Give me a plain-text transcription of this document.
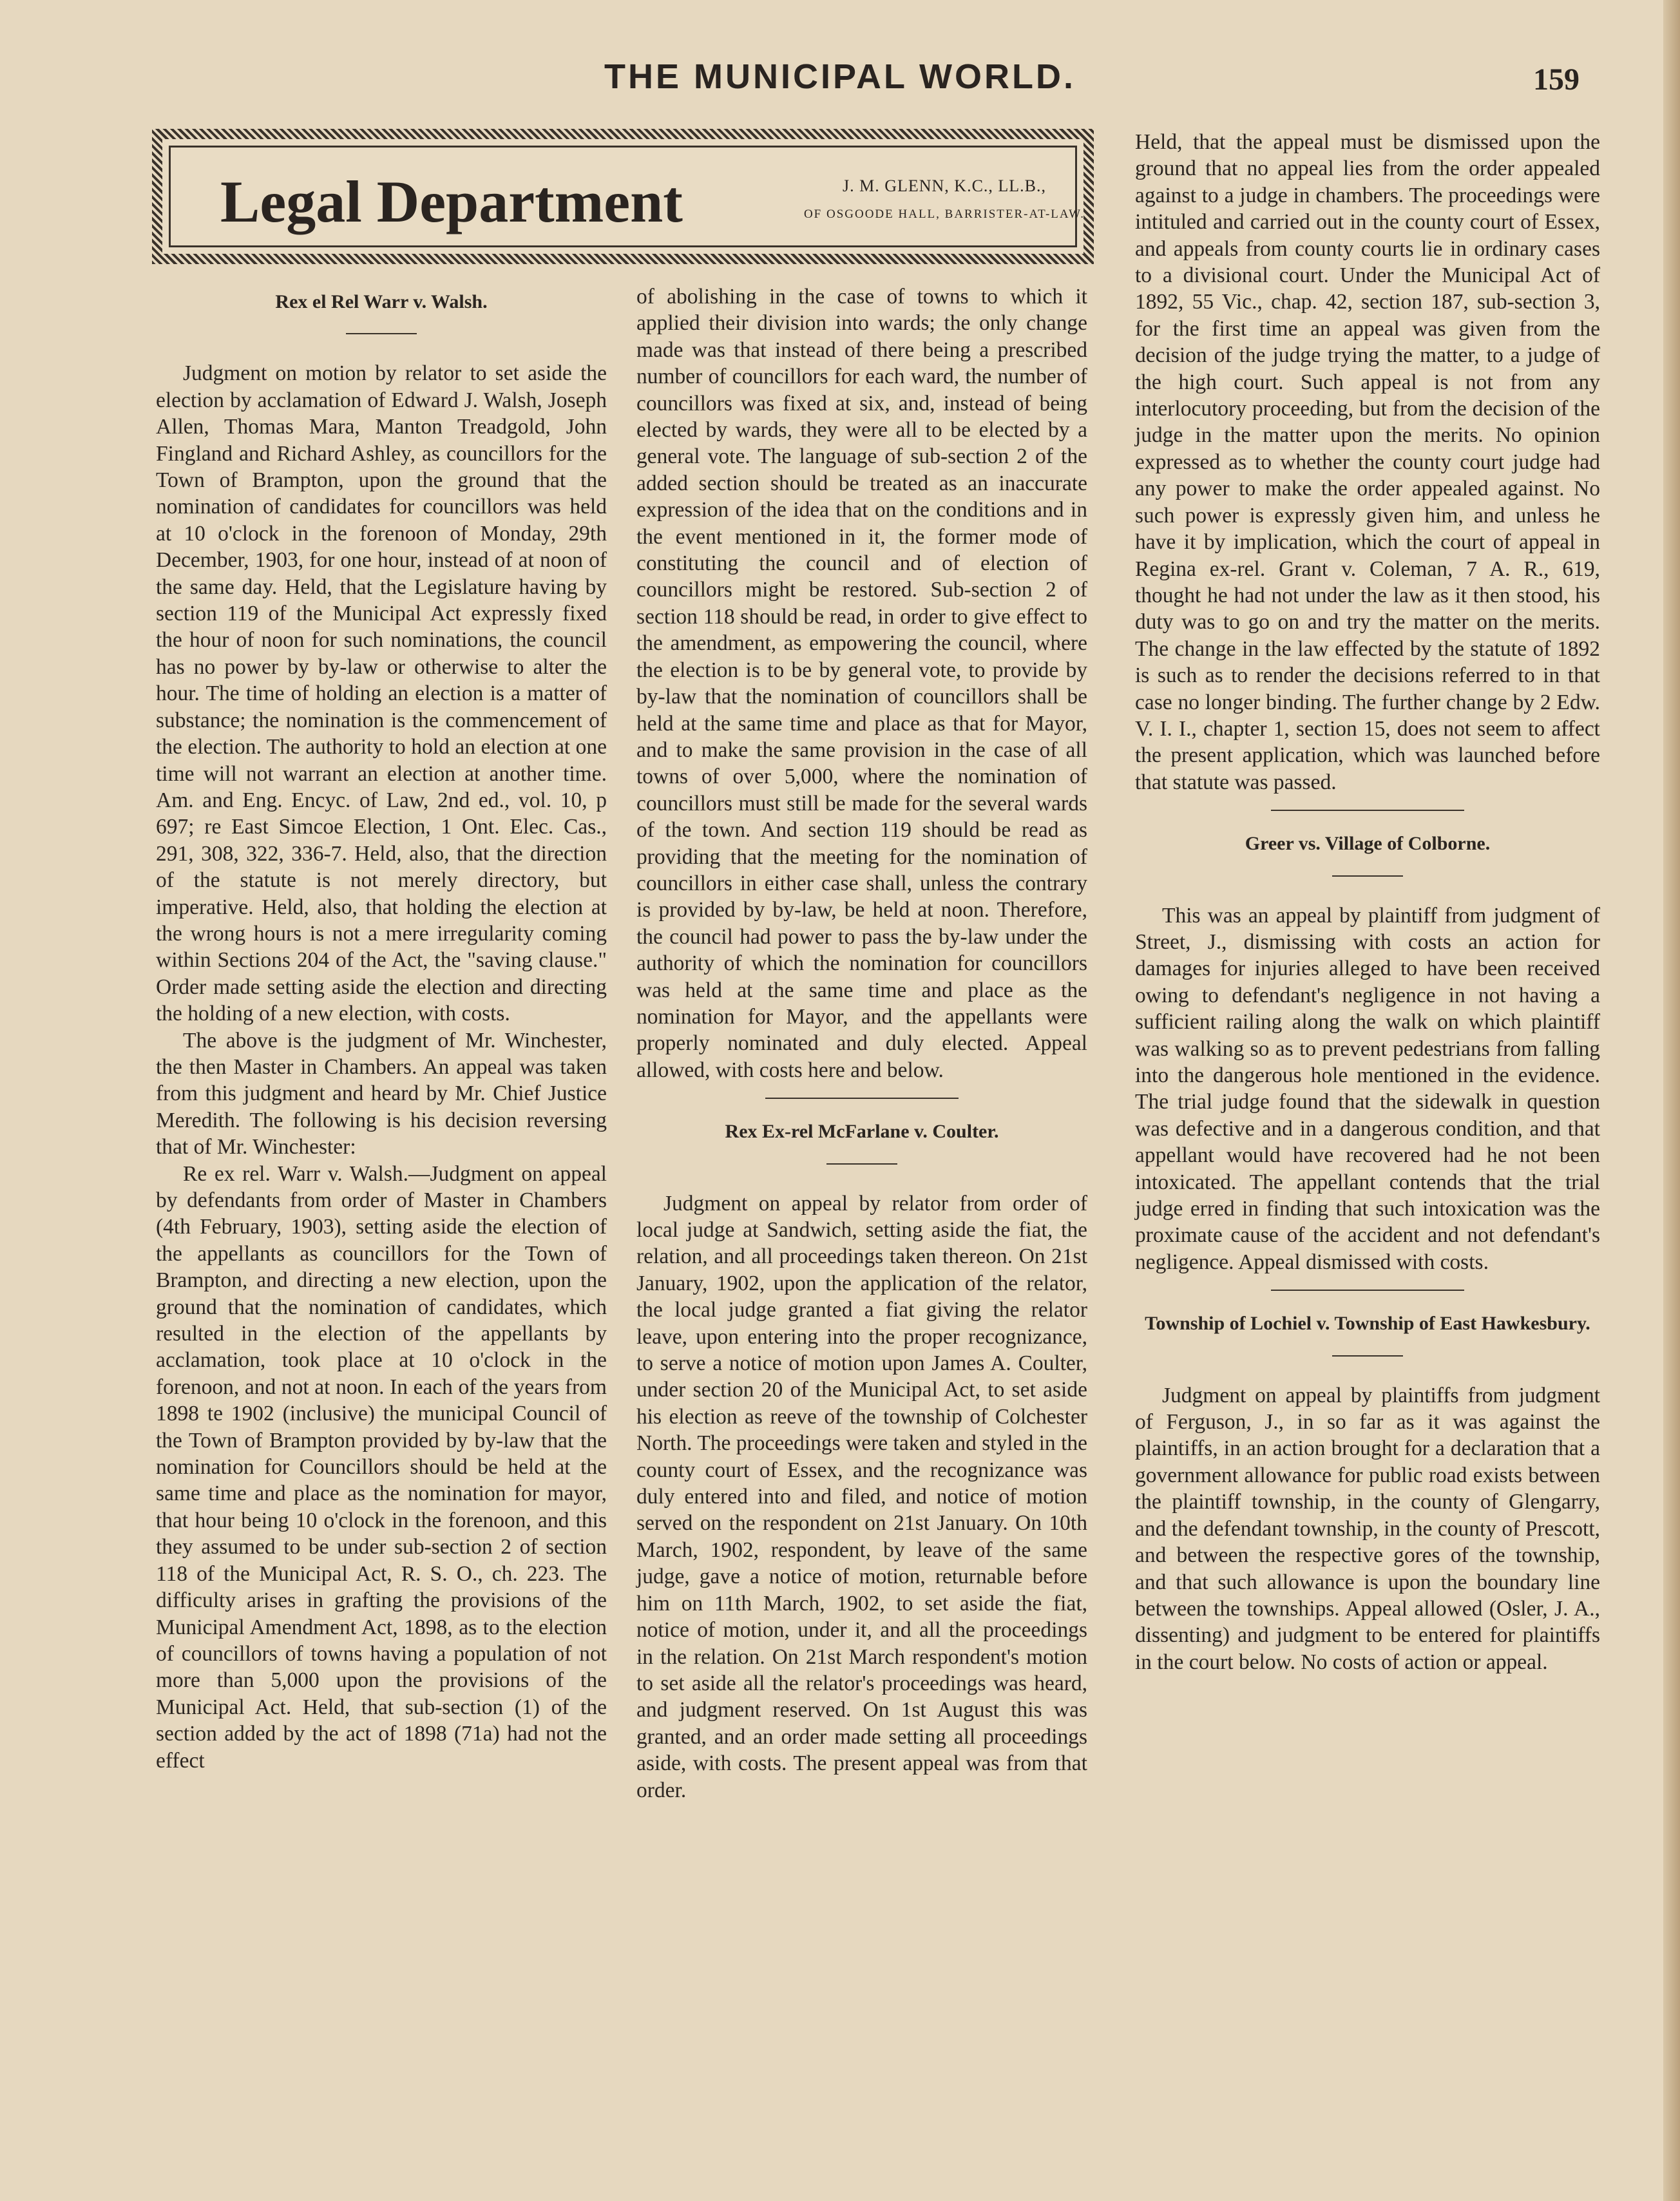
THE MUNICIPAL WORLD.	159
Legal Department	J. M. GLENN, K.C., LL.B.,
OF OSGOODE HALL, BARRISTER-AT-LAW.
Rex el Rel Warr v. Walsh.

Judgment on motion by relator to set aside the election by acclamation of Edward J. Walsh, Joseph Allen, Thomas Mara, Manton Treadgold, John Fingland and Richard Ashley, as councillors for the Town of Brampton, upon the ground that the nomination of candidates for councillors was held at 10 o'clock in the forenoon of Monday, 29th December, 1903, for one hour, instead of at noon of the same day. Held, that the Legislature having by section 119 of the Municipal Act expressly fixed the hour of noon for such nominations, the council has no power by by-law or otherwise to alter the hour. The time of holding an election is a matter of substance; the nomination is the commencement of the election. The authority to hold an election at one time will not warrant an election at another time. Am. and Eng. Encyc. of Law, 2nd ed., vol. 10, p 697; re East Simcoe Election, 1 Ont. Elec. Cas., 291, 308, 322, 336-7. Held, also, that the direction of the statute is not merely directory, but imperative. Held, also, that holding the election at the wrong hours is not a mere irregularity coming within Sections 204 of the Act, the "saving clause." Order made setting aside the election and directing the holding of a new election, with costs.

The above is the judgment of Mr. Winchester, the then Master in Chambers. An appeal was taken from this judgment and heard by Mr. Chief Justice Meredith. The following is his decision reversing that of Mr. Winchester:

Re ex rel. Warr v. Walsh.—Judgment on appeal by defendants from order of Master in Chambers (4th February, 1903), setting aside the election of the appellants as councillors for the Town of Brampton, and directing a new election, upon the ground that the nomination of candidates, which resulted in the election of the appellants by acclamation, took place at 10 o'clock in the forenoon, and not at noon. In each of the years from 1898 te 1902 (inclusive) the municipal Council of the Town of Brampton provided by by-law that the nomination for Councillors should be held at the same time and place as the nomination for mayor, that hour being 10 o'clock in the forenoon, and this they assumed to be under sub-section 2 of section 118 of the Municipal Act, R. S. O., ch. 223. The difficulty arises in grafting the provisions of the Municipal Amendment Act, 1898, as to the election of councillors of towns having a population of not more than 5,000 upon the provisions of the Municipal Act. Held, that sub-section (1) of the section added by the act of 1898 (71a) had not the effect

of abolishing in the case of towns to which it applied their division into wards; the only change made was that instead of there being a prescribed number of councillors for each ward, the number of councillors was fixed at six, and, instead of being elected by wards, they were all to be elected by a general vote. The language of sub-section 2 of the added section should be treated as an inaccurate expression of the idea that on the conditions and in the event mentioned in it, the former mode of constituting the council and of election of councillors might be restored. Sub-section 2 of section 118 should be read, in order to give effect to the amendment, as empowering the council, where the election is to be by general vote, to provide by by-law that the nomination of councillors shall be held at the same time and place as that for Mayor, and to make the same provision in the case of all towns of over 5,000, where the nomination of councillors must still be made for the several wards of the town. And section 119 should be read as providing that the meeting for the nomination of councillors in either case shall, unless the contrary is provided by by-law, be held at noon. Therefore, the council had power to pass the by-law under the authority of which the nomination for councillors was held at the same time and place as the nomination for Mayor, and the appellants were properly nominated and duly elected. Appeal allowed, with costs here and below.

Rex Ex-rel McFarlane v. Coulter.

Judgment on appeal by relator from order of local judge at Sandwich, setting aside the fiat, the relation, and all proceedings taken thereon. On 21st January, 1902, upon the application of the relator, the local judge granted a fiat giving the relator leave, upon entering into the proper recognizance, to serve a notice of motion upon James A. Coulter, under section 20 of the Municipal Act, to set aside his election as reeve of the township of Colchester North. The proceedings were taken and styled in the county court of Essex, and the recognizance was duly entered into and filed, and notice of motion served on the respondent on 21st January. On 10th March, 1902, respondent, by leave of the same judge, gave a notice of motion, returnable before him on 11th March, 1902, to set aside the fiat, notice of motion, under it, and all the proceedings in the relation. On 21st March respondent's motion to set aside all the relator's proceedings was heard, and judgment reserved. On 1st August this was granted, and an order made setting all proceedings aside, with costs. The present appeal was from that order.

Held, that the appeal must be dismissed upon the ground that no appeal lies from the order appealed against to a judge in chambers. The proceedings were intituled and carried out in the county court of Essex, and appeals from county courts lie in ordinary cases to a divisional court. Under the Municipal Act of 1892, 55 Vic., chap. 42, section 187, sub-section 3, for the first time an appeal was given from the decision of the judge trying the matter, to a judge of the high court. Such appeal is not from any interlocutory proceeding, but from the decision of the judge in the matter upon the merits. No opinion expressed as to whether the county court judge had any power to make the order appealed against. No such power is expressly given him, and unless he have it by implication, which the court of appeal in Regina ex-rel. Grant v. Coleman, 7 A. R., 619, thought he had not under the law as it then stood, his duty was to go on and try the matter on the merits. The change in the law effected by the statute of 1892 is such as to render the decisions referred to in that case no longer binding. The further change by 2 Edw. V. I. I., chapter 1, section 15, does not seem to affect the present application, which was launched before that statute was passed.

Greer vs. Village of Colborne.

This was an appeal by plaintiff from judgment of Street, J., dismissing with costs an action for damages for injuries alleged to have been received owing to defendant's negligence in not having a sufficient railing along the walk on which plaintiff was walking so as to prevent pedestrians from falling into the dangerous hole mentioned in the evidence. The trial judge found that the sidewalk in question was defective and in a dangerous condition, and that appellant would have recovered had he not been intoxicated. The appellant contends that the trial judge erred in finding that such intoxication was the proximate cause of the accident and not defendant's negligence. Appeal dismissed with costs.

Township of Lochiel v. Township of East Hawkesbury.

Judgment on appeal by plaintiffs from judgment of Ferguson, J., in so far as it was against the plaintiffs, in an action brought for a declaration that a government allowance for public road exists between the plaintiff township, in the county of Glengarry, and the defendant township, in the county of Prescott, and between the respective gores of the township, and that such allowance is upon the boundary line between the townships. Appeal allowed (Osler, J. A., dissenting) and judgment to be entered for plaintiffs in the court below. No costs of action or appeal.
